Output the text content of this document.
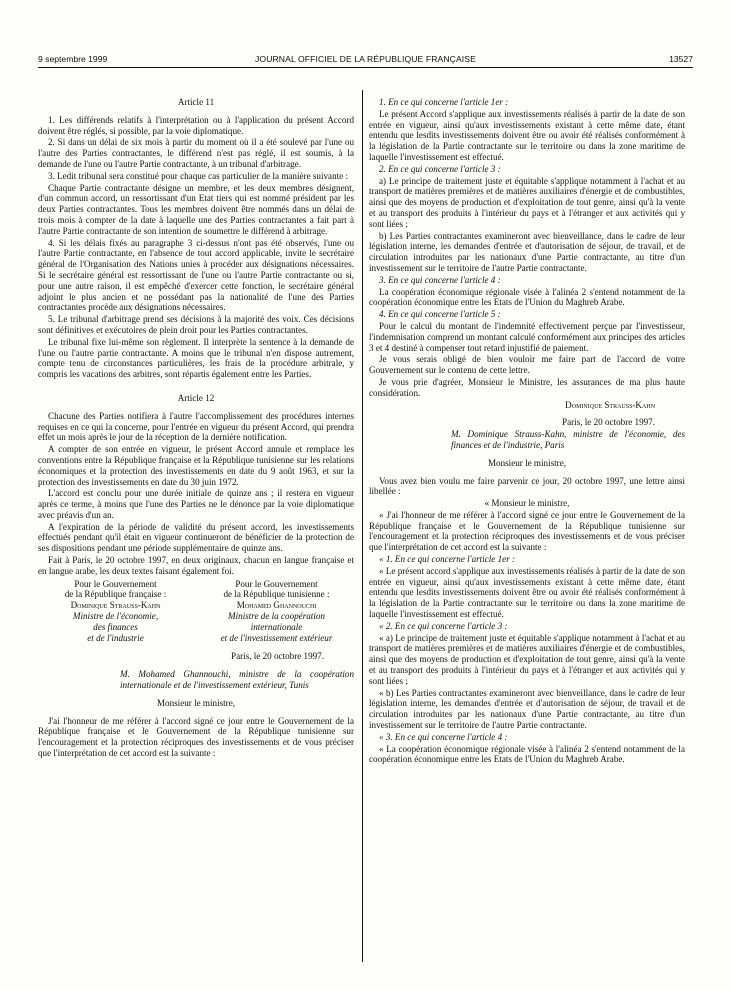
9 septembre 1999	JOURNAL OFFICIEL DE LA RÉPUBLIQUE FRANÇAISE	13527

Article 11

1. Les différends relatifs à l'interprétation ou à l'application du présent Accord doivent être réglés, si possible, par la voie diplomatique.

2. Si dans un délai de six mois à partir du moment où il a été soulevé par l'une ou l'autre des Parties contractantes, le différend n'est pas réglé, il est soumis, à la demande de l'une ou l'autre Partie contractante, à un tribunal d'arbitrage.

3. Ledit tribunal sera constitué pour chaque cas particulier de la manière suivante :

Chaque Partie contractante désigne un membre, et les deux membres désignent, d'un commun accord, un ressortissant d'un Etat tiers qui est nommé président par les deux Parties contractantes. Tous les membres doivent être nommés dans un délai de trois mois à compter de la date à laquelle une des Parties contractantes a fait part à l'autre Partie contractante de son intention de soumettre le différend à arbitrage.

4. Si les délais fixés au paragraphe 3 ci-dessus n'ont pas été observés, l'une ou l'autre Partie contractante, en l'absence de tout accord applicable, invite le secrétaire général de l'Organisation des Nations unies à procéder aux désignations nécessaires. Si le secrétaire général est ressortissant de l'une ou l'autre Partie contractante ou si, pour une autre raison, il est empêché d'exercer cette fonction, le secrétaire général adjoint le plus ancien et ne possédant pas la nationalité de l'une des Parties contractantes procède aux désignations nécessaires.

5. Le tribunal d'arbitrage prend ses décisions à la majorité des voix. Ces décisions sont définitives et exécutoires de plein droit pour les Parties contractantes.

Le tribunal fixe lui-même son règlement. Il interprète la sentence à la demande de l'une ou l'autre partie contractante. A moins que le tribunal n'en dispose autrement, compte tenu de circonstances particulières, les frais de la procédure arbitrale, y compris les vacations des arbitres, sont répartis également entre les Parties.

Article 12

Chacune des Parties notifiera à l'autre l'accomplissement des procédures internes requises en ce qui la concerne, pour l'entrée en vigueur du présent Accord, qui prendra effet un mois après le jour de la réception de la dernière notification.

A compter de son entrée en vigueur, le présent Accord annule et remplace les conventions entre la République française et la République tunisienne sur les relations économiques et la protection des investissements en date du 9 août 1963, et sur la protection des investissements en date du 30 juin 1972.

L'accord est conclu pour une durée initiale de quinze ans ; il restera en vigueur après ce terme, à moins que l'une des Parties ne le dénonce par la voie diplomatique avec préavis d'un an.

A l'expiration de la période de validité du présent accord, les investissements effectués pendant qu'il était en vigueur continueront de bénéficier de la protection de ses dispositions pendant une période supplémentaire de quinze ans.

Fait à Paris, le 20 octobre 1997, en deux originaux, chacun en langue française et en langue arabe, les deux textes faisant également foi.

Pour le Gouvernement
de la République française :
Dominique Strauss-Kahn
Ministre de l'économie,
des finances
et de l'industrie
Pour le Gouvernement
de la République tunisienne :
Mohamed Ghannouchi
Ministre de la coopération
internationale
et de l'investissement extérieur

Paris, le 20 octobre 1997.

M. Mohamed Ghannouchi, ministre de la coopération internationale et de l'investissement extérieur, Tunis

Monsieur le ministre,

J'ai l'honneur de me référer à l'accord signé ce jour entre le Gouvernement de la République française et le Gouvernement de la République tunisienne sur l'encouragement et la protection réciproques des investissements et de vous préciser que l'interprétation de cet accord est la suivante :

1. En ce qui concerne l'article 1er :

Le présent Accord s'applique aux investissements réalisés à partir de la date de son entrée en vigueur, ainsi qu'aux investissements existant à cette même date, étant entendu que lesdits investissements doivent être ou avoir été réalisés conformément à la législation de la Partie contractante sur le territoire ou dans la zone maritime de laquelle l'investissement est effectué.

2. En ce qui concerne l'article 3 :

a) Le principe de traitement juste et équitable s'applique notamment à l'achat et au transport de matières premières et de matières auxiliaires d'énergie et de combustibles, ainsi que des moyens de production et d'exploitation de tout genre, ainsi qu'à la vente et au transport des produits à l'intérieur du pays et à l'étranger et aux activités qui y sont liées ;

b) Les Parties contractantes examineront avec bienveillance, dans le cadre de leur législation interne, les demandes d'entrée et d'autorisation de séjour, de travail, et de circulation introduites par les nationaux d'une Partie contractante, au titre d'un investissement sur le territoire de l'autre Partie contractante.

3. En ce qui concerne l'article 4 :

La coopération économique régionale visée à l'alinéa 2 s'entend notamment de la coopération économique entre les Etats de l'Union du Maghreb Arabe.

4. En ce qui concerne l'article 5 :

Pour le calcul du montant de l'indemnité effectivement perçue par l'investisseur, l'indemnisation comprend un montant calculé conformément aux principes des articles 3 et 4 destiné à compenser tout retard injustifié de paiement.

Je vous serais obligé de bien vouloir me faire part de l'accord de votre Gouvernement sur le contenu de cette lettre.

Je vous prie d'agréer, Monsieur le Ministre, les assurances de ma plus haute considération.

Dominique Strauss-Kahn

Paris, le 20 octobre 1997.

M. Dominique Strauss-Kahn, ministre de l'économie, des finances et de l'industrie, Paris

Monsieur le ministre,

Vous avez bien voulu me faire parvenir ce jour, 20 octobre 1997, une lettre ainsi libellée :

« Monsieur le ministre,

« J'ai l'honneur de me référer à l'accord signé ce jour entre le Gouvernement de la République française et le Gouvernement de la République tunisienne sur l'encouragement et la protection réciproques des investissements et de vous préciser que l'interprétation de cet accord est la suivante :

« 1. En ce qui concerne l'article 1er :

« Le présent accord s'applique aux investissements réalisés à partir de la date de son entrée en vigueur, ainsi qu'aux investissements existant à cette même date, étant entendu que lesdits investissements doivent être ou avoir été réalisés conformément à la législation de la Partie contractante sur le territoire ou dans la zone maritime de laquelle l'investissement est effectué.

« 2. En ce qui concerne l'article 3 :

« a) Le principe de traitement juste et équitable s'applique notamment à l'achat et au transport de matières premières et de matières auxiliaires d'énergie et de combustibles, ainsi que des moyens de production et d'exploitation de tout genre, ainsi qu'à la vente et au transport des produits à l'intérieur du pays et à l'étranger et aux activités qui y sont liées ;

« b) Les Parties contractantes examineront avec bienveillance, dans le cadre de leur législation interne, les demandes d'entrée et d'autorisation de séjour, de travail et de circulation introduites par les nationaux d'une Partie contractante, au titre d'un investissement sur le territoire de l'autre Partie contractante.

« 3. En ce qui concerne l'article 4 :

« La coopération économique régionale visée à l'alinéa 2 s'entend notamment de la coopération économique entre les Etats de l'Union du Maghreb Arabe.
